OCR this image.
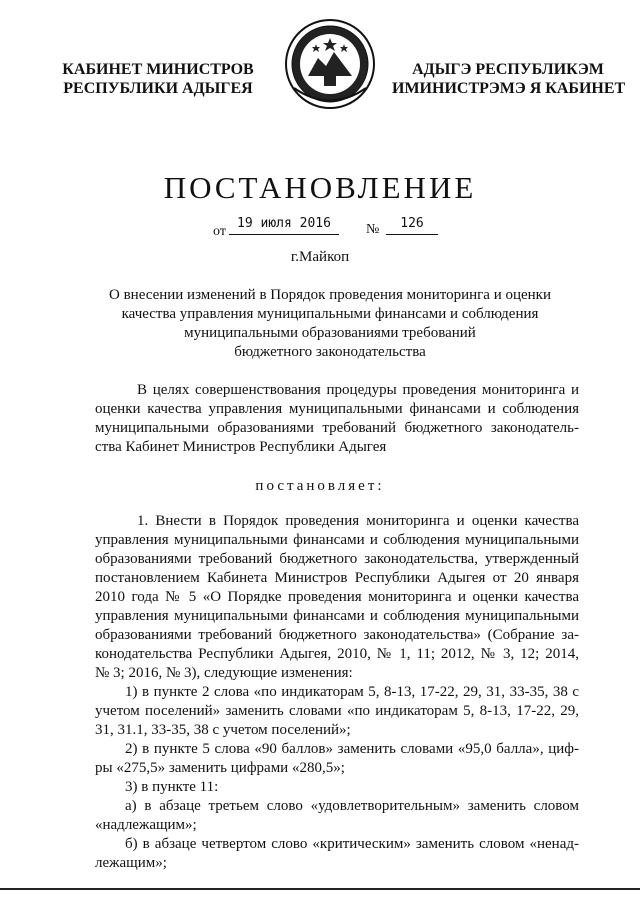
КАБИНЕТ МИНИСТРОВ
РЕСПУБЛИКИ АДЫГЕЯ
АДЫГЭ РЕСПУБЛИКЭМ
ИМИНИСТРЭМЭ Я КАБИНЕТ
ПОСТАНОВЛЕНИЕ
от
19 июля 2016	№	126
г.Майкоп
О внесении изменений в Порядок проведения мониторинга и оценки
качества управления муниципальными финансами и соблюдения
муниципальными образованиями требований
бюджетного законодательства
В целях совершенствования процедуры проведения мониторинга и
оценки качества управления муниципальными финансами и соблюдения
муниципальными образованиями требований бюджетного законодатель-
ства Кабинет Министров Республики Адыгея
постановляет:
1. Внести в Порядок проведения мониторинга и оценки качества
управления муниципальными финансами и соблюдения муниципальными
образованиями требований бюджетного законодательства, утвержденный
постановлением Кабинета Министров Республики Адыгея от 20 января
2010 года № 5 «О Порядке проведения мониторинга и оценки качества
управления муниципальными финансами и соблюдения муниципальными
образованиями требований бюджетного законодательства» (Собрание за-
конодательства Республики Адыгея, 2010, № 1, 11; 2012, № 3, 12; 2014,
№ 3; 2016, № 3), следующие изменения:
1) в пункте 2 слова «по индикаторам 5, 8-13, 17-22, 29, 31, 33-35, 38 с
учетом поселений» заменить словами «по индикаторам 5, 8-13, 17-22, 29,
31, 31.1, 33-35, 38 с учетом поселений»;
2) в пункте 5 слова «90 баллов» заменить словами «95,0 балла», циф-
ры «275,5» заменить цифрами «280,5»;
3) в пункте 11:
а) в абзаце третьем слово «удовлетворительным» заменить словом
«надлежащим»;
б) в абзаце четвертом слово «критическим» заменить словом «ненад-
лежащим»;
